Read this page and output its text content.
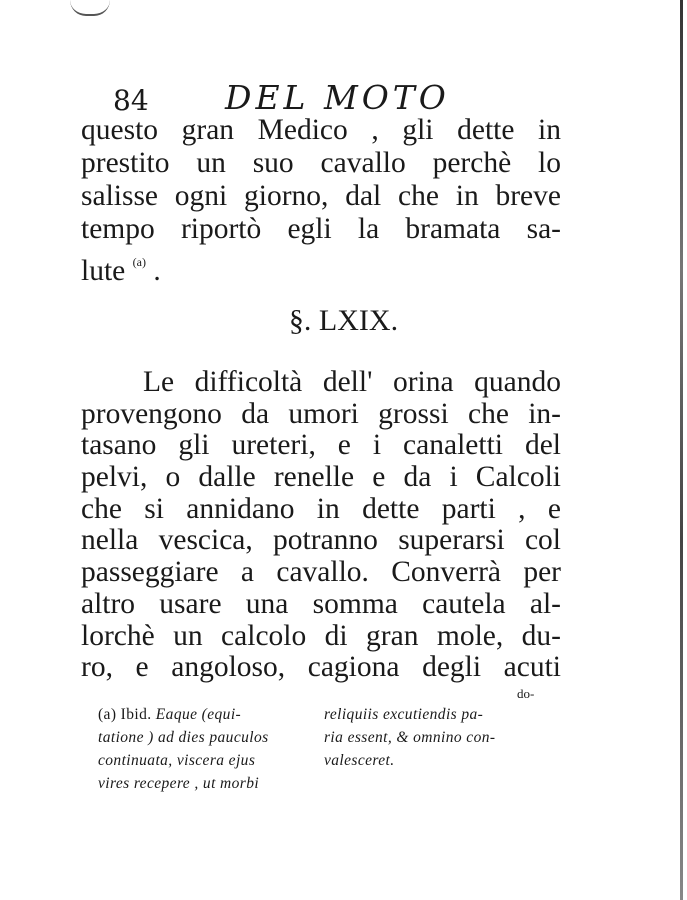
84 DEL MOTO
questo gran Medico , gli dette in
prestito un suo cavallo perchè lo
salisse ogni giorno, dal che in breve
tempo riportò egli la bramata sa-
lute $^{(a)}$ .
§. LXIX.
Le difficoltà dell' orina quando
provengono da umori grossi che in-
tasano gli ureteri, e i canaletti del
pelvi, o dalle renelle e da i Calcoli
che si annidano in dette parti , e
nella vescica, potranno superarsi col
passeggiare a cavallo. Converrà per
altro usare una somma cautela al-
lorchè un calcolo di gran mole, du-
ro, e angoloso, cagiona degli acuti
do-
(a) Ibid. Eaque (equi-
tatione ) ad dies pauculos
continuata, viscera ejus
vires recepere , ut morbi
reliquiis excutiendis pa-
ria essent, & omnino con-
valesceret.
